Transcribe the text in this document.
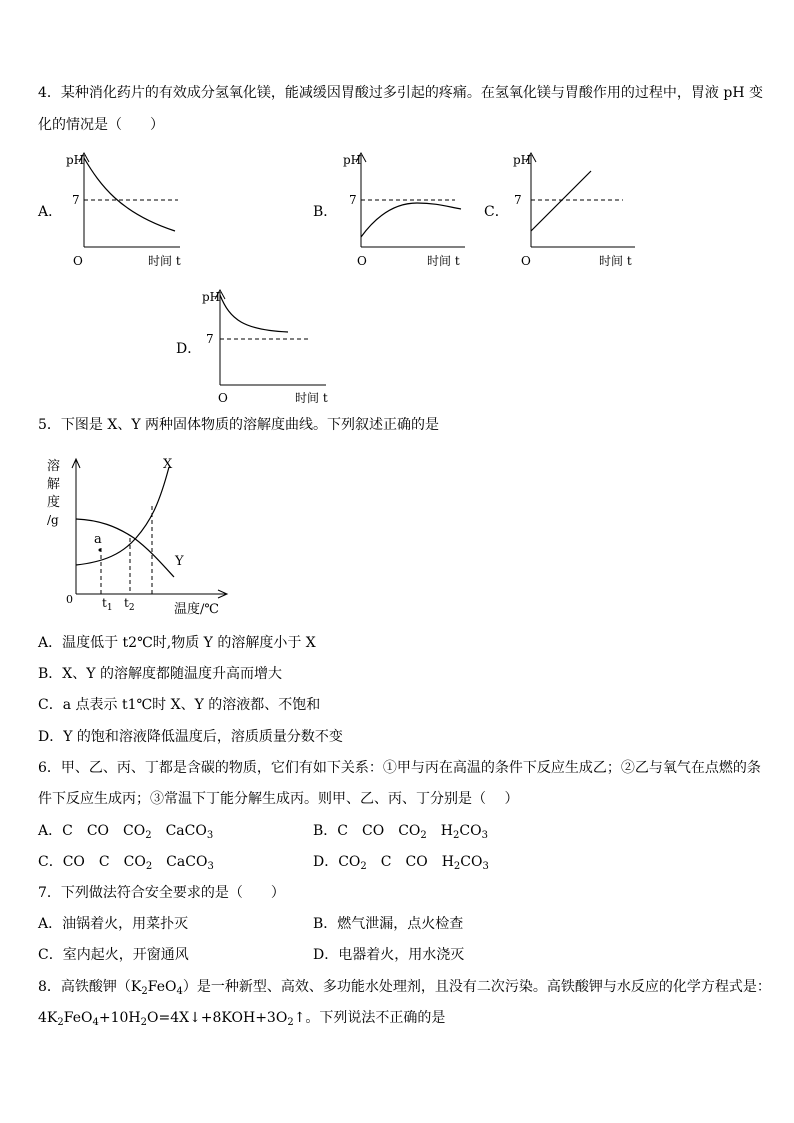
4．某种消化药片的有效成分氢氧化镁，能减缓因胃酸过多引起的疼痛。在氢氧化镁与胃酸作用的过程中，胃液 pH 变
化的情况是（　　）
A．
pH
7
O	时间 t
B．
pH
7
O	时间 t
C．
pH
7
O	时间 t
D．
pH
7
O	时间 t
5．下图是 X、Y 两种固体物质的溶解度曲线。下列叙述正确的是
溶
解
度
/g
X
Y
a
0 $t_1$ $t_2$	温度/℃
A．温度低于 t2℃时,物质 Y 的溶解度小于 X
B．X、Y 的溶解度都随温度升高而增大
C．a 点表示 t1℃时 X、Y 的溶液都、不饱和
D．Y 的饱和溶液降低温度后，溶质质量分数不变
6．甲、乙、丙、丁都是含碳的物质，它们有如下关系：①甲与丙在高温的条件下反应生成乙；②乙与氧气在点燃的条
件下反应生成丙；③常温下丁能分解生成丙。则甲、乙、丙、丁分别是（　 ）
A．C　CO　$CO_2$　CaCO$_3$	B．C　CO　$CO_2$　$H_2CO_3$
C．CO　C　$CO_2$　CaCO$_3$	D．$CO_2$　C　CO　$H_2CO_3$
7．下列做法符合安全要求的是（　　）
A．油锅着火，用菜扑灭	B．燃气泄漏，点火检查
C．室内起火，开窗通风	D．电器着火，用水浇灭
8．高铁酸钾$(K_2FeO_4)$是一种新型、高效、多功能水处理剂，且没有二次污染。高铁酸钾与水反应的化学方程式是：
$4K_2FeO_4+10H_2O=4X↓+8KOH+3O_2↑$。下列说法不正确的是
